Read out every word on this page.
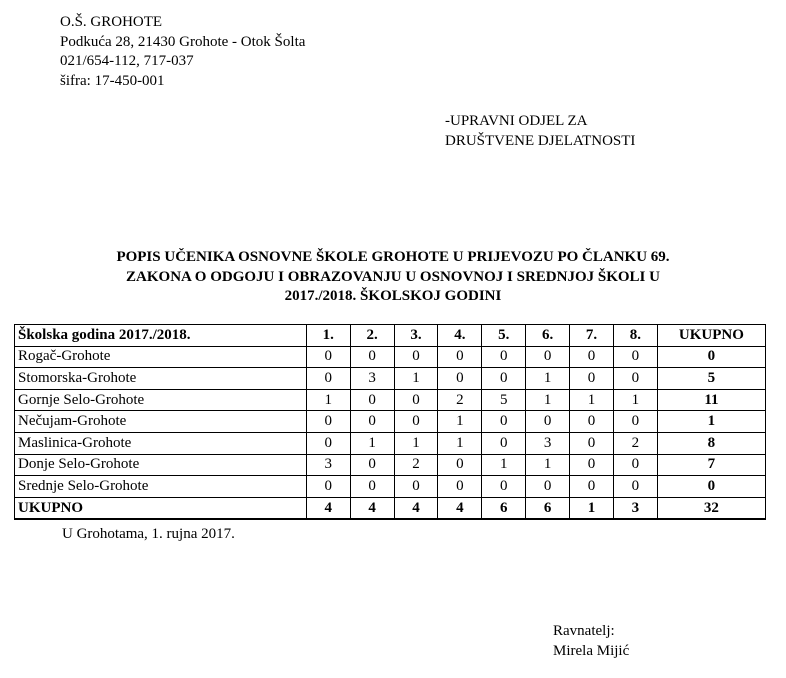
O.Š. GROHOTE
Podkuća 28, 21430 Grohote - Otok Šolta
021/654-112, 717-037
šifra: 17-450-001
-UPRAVNI ODJEL ZA
DRUŠTVENE DJELATNOSTI
POPIS UČENIKA OSNOVNE ŠKOLE GROHOTE U PRIJEVOZU PO ČLANKU 69.
ZAKONA O ODGOJU I OBRAZOVANJU U OSNOVNOJ I SREDNJOJ ŠKOLI U
2017./2018. ŠKOLSKOJ GODINI
Školska godina 2017./2018.	1.	2.	3.	4.	5.	6.	7.	8.	UKUPNO
Rogač-Grohote	0	0	0	0	0	0	0	0	0
Stomorska-Grohote	0	3	1	0	0	1	0	0	5
Gornje Selo-Grohote	1	0	0	2	5	1	1	1	11
Nečujam-Grohote	0	0	0	1	0	0	0	0	1
Maslinica-Grohote	0	1	1	1	0	3	0	2	8
Donje Selo-Grohote	3	0	2	0	1	1	0	0	7
Srednje Selo-Grohote	0	0	0	0	0	0	0	0	0
UKUPNO	4	4	4	4	6	6	1	3	32
U Grohotama, 1. rujna 2017.
Ravnatelj:
Mirela Mijić
